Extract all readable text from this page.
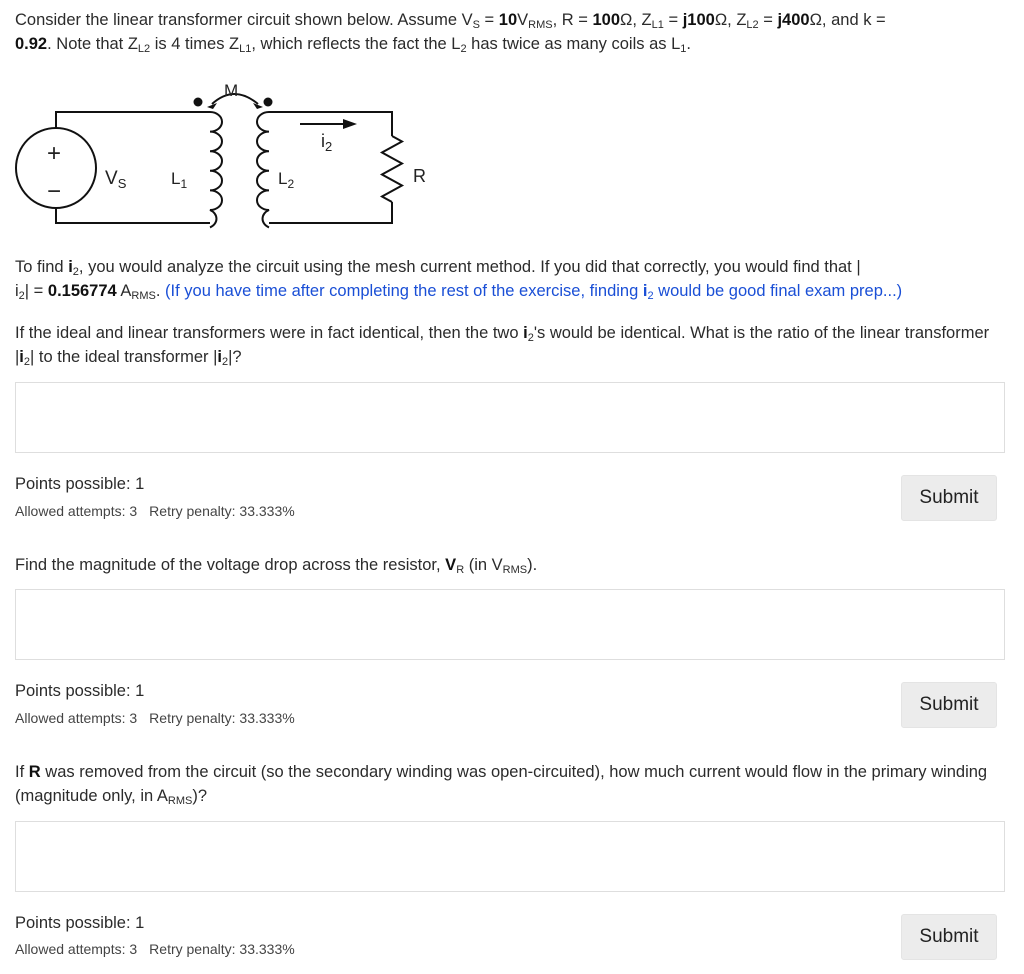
Consider the linear transformer circuit shown below. Assume $V_S = 10V_{RMS}$, R = 100Ω, $Z_{L1} = j100\Omega$, $Z_{L2} = j400\Omega$, and k =
0.92. Note that $Z_{L2}$ is 4 times $Z_{L1}$, which reflects the fact the $L_2$ has twice as many coils as $L_1$.
M
+
− $V_S$	$L_1$	$L_2$
$i_2$
R
To find $i_2$, you would analyze the circuit using the mesh current method. If you did that correctly, you would find that |
$i_2| = 0.156774$ $A_{RMS}$. (If you have time after completing the rest of the exercise, finding $i_2$ would be good final exam prep...)
If the ideal and linear transformers were in fact identical, then the two $i_2's$ would be identical. What is the ratio of the linear transformer $|i_2|$ to the ideal transformer $|i_2|$?
Points possible: 1
Allowed attempts: 3 Retry penalty: 33.333%
Submit
Find the magnitude of the voltage drop across the resistor, $V_R$ (in $V_{RMS}$).
Points possible: 1
Allowed attempts: 3 Retry penalty: 33.333%
Submit
If R was removed from the circuit (so the secondary winding was open-circuited), how much current would flow in the primary winding (magnitude only, in $A_{RMS}$)?
Points possible: 1
Allowed attempts: 3 Retry penalty: 33.333%
Submit
